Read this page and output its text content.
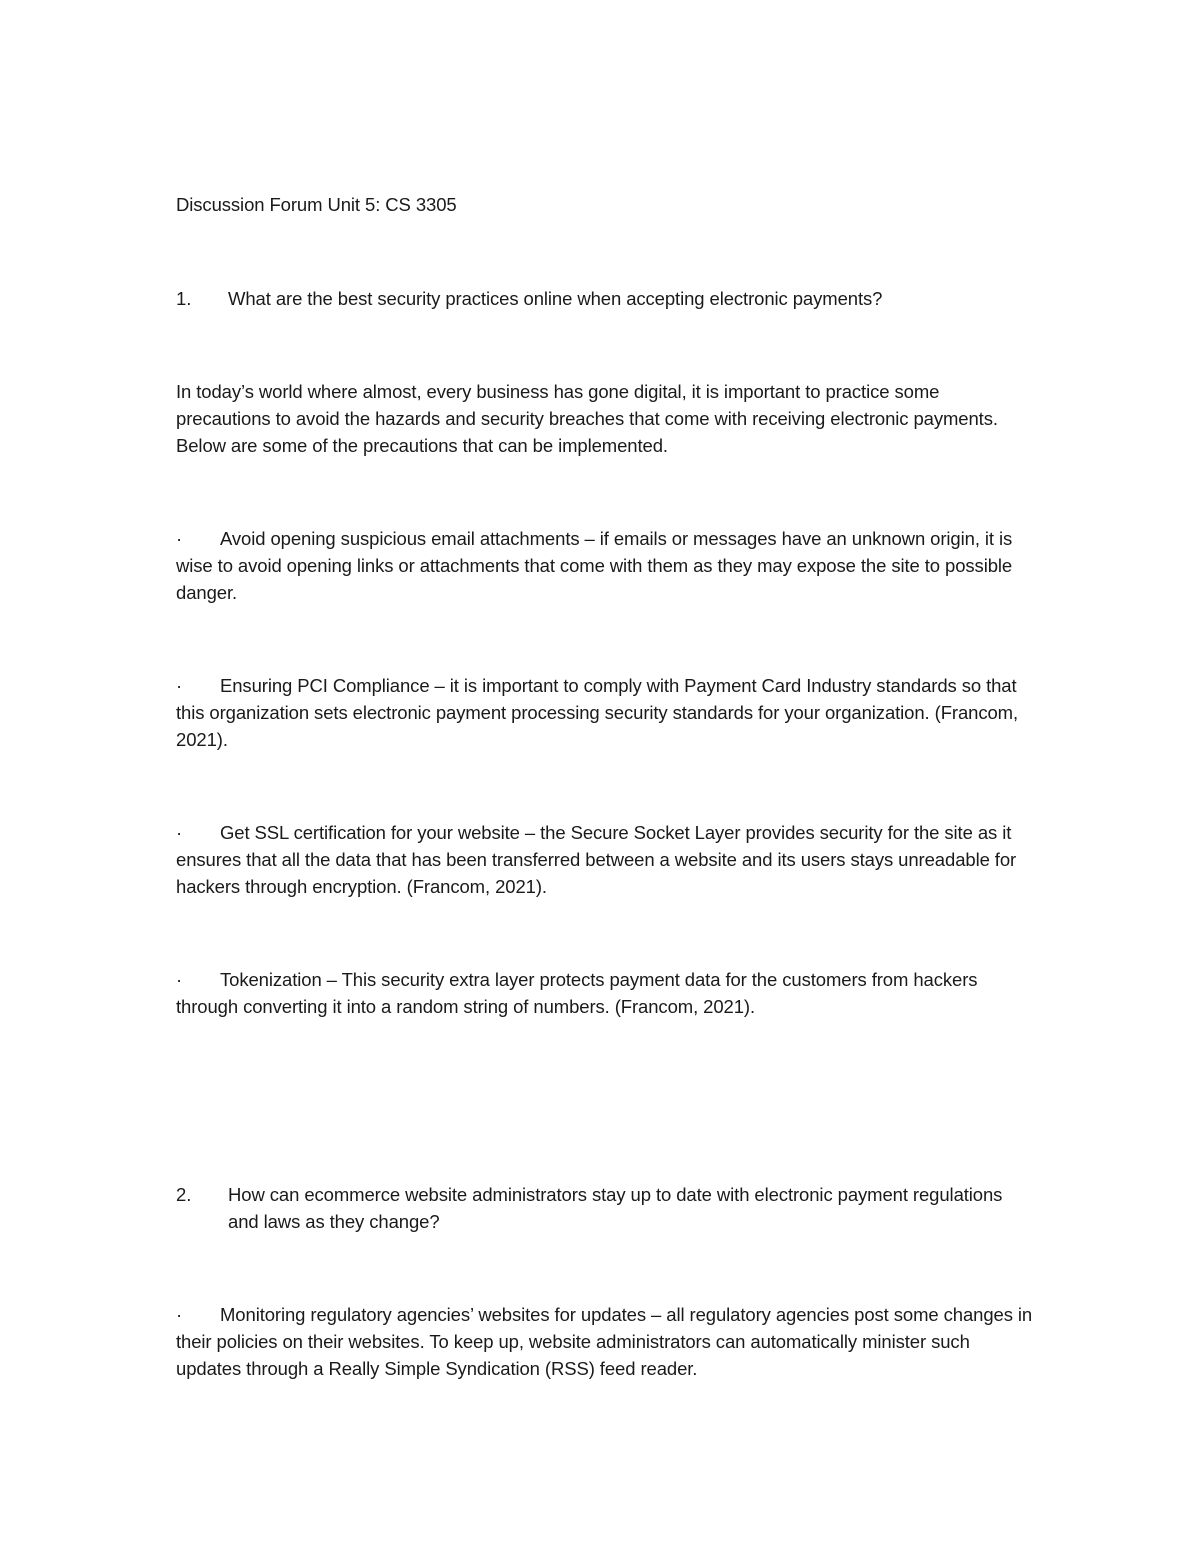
Discussion Forum Unit 5: CS 3305
1.	What are the best security practices online when accepting electronic payments?
In today’s world where almost, every business has gone digital, it is important to practice some precautions to avoid the hazards and security breaches that come with receiving electronic payments. Below are some of the precautions that can be implemented.
· Avoid opening suspicious email attachments – if emails or messages have an unknown origin, it is wise to avoid opening links or attachments that come with them as they may expose the site to possible danger.
· Ensuring PCI Compliance – it is important to comply with Payment Card Industry standards so that this organization sets electronic payment processing security standards for your organization. (Francom, 2021).
· Get SSL certification for your website – the Secure Socket Layer provides security for the site as it ensures that all the data that has been transferred between a website and its users stays unreadable for hackers through encryption. (Francom, 2021).
· Tokenization – This security extra layer protects payment data for the customers from hackers through converting it into a random string of numbers. (Francom, 2021).
2.	How can ecommerce website administrators stay up to date with electronic payment regulations and laws as they change?
· Monitoring regulatory agencies’ websites for updates – all regulatory agencies post some changes in their policies on their websites. To keep up, website administrators can automatically minister such updates through a Really Simple Syndication (RSS) feed reader.
